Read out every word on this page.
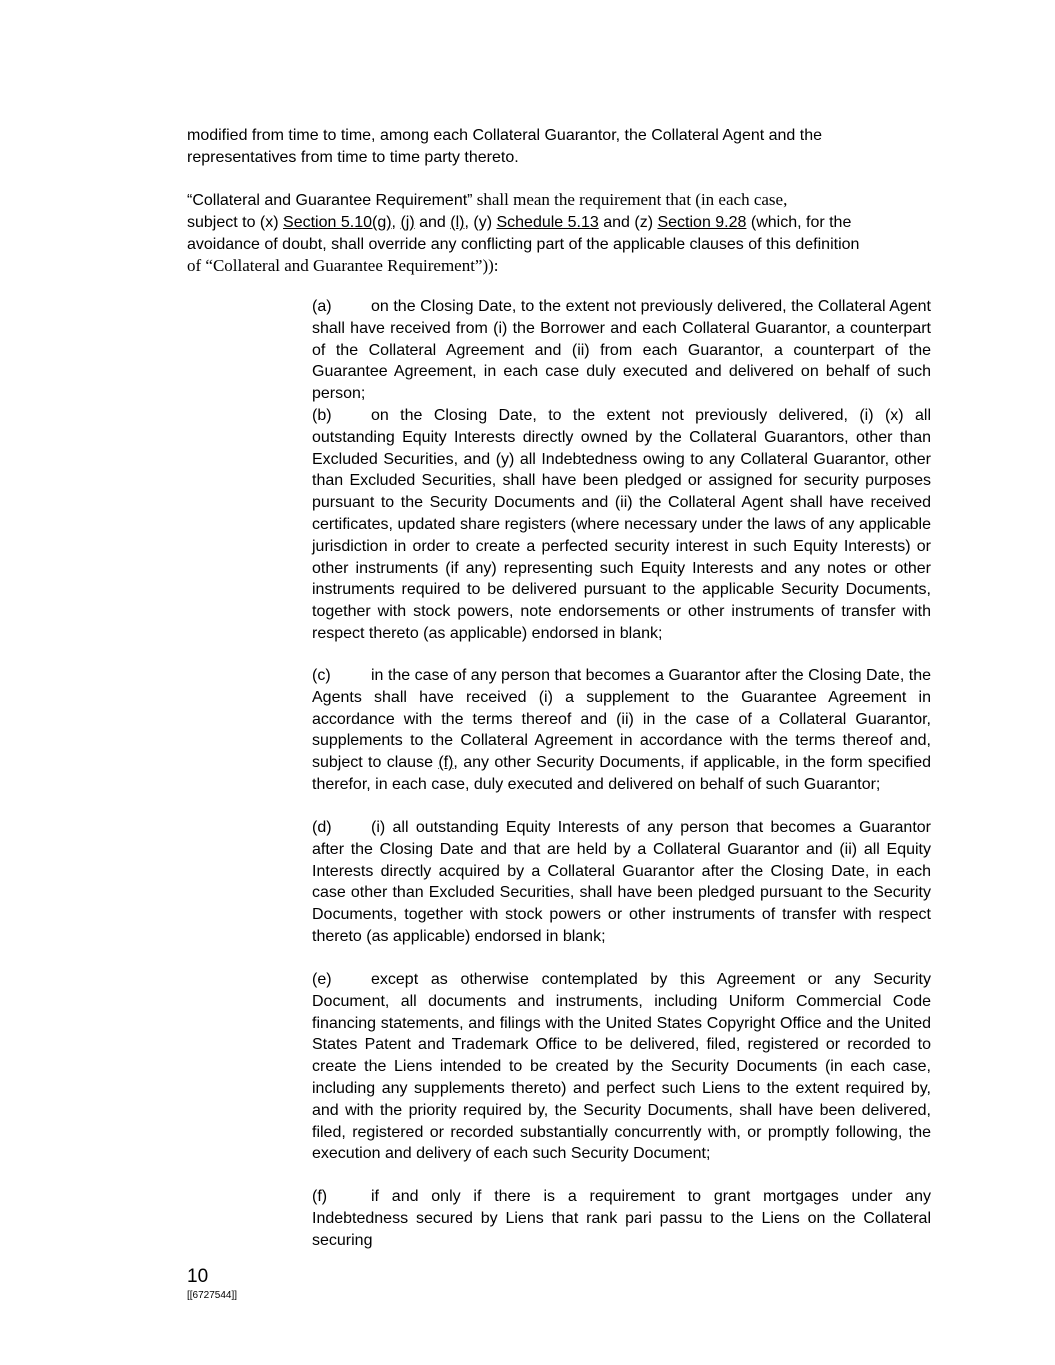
modified from time to time, among each Collateral Guarantor, the Collateral Agent and the representatives from time to time party thereto.

“Collateral and Guarantee Requirement” shall mean the requirement that (in each case,
subject to (x) Section 5.10(g), (j) and (l), (y) Schedule 5.13 and (z) Section 9.28 (which, for the avoidance of doubt, shall override any conflicting part of the applicable clauses of this definition
of “Collateral and Guarantee Requirement”)):

(a) on the Closing Date, to the extent not previously delivered, the Collateral Agent shall have received from (i) the Borrower and each Collateral Guarantor, a counterpart of the Collateral Agreement and (ii) from each Guarantor, a counterpart of the Guarantee Agreement, in each case duly executed and delivered on behalf of such person;
(b) on the Closing Date, to the extent not previously delivered, (i) (x) all outstanding Equity Interests directly owned by the Collateral Guarantors, other than Excluded Securities, and (y) all Indebtedness owing to any Collateral Guarantor, other than Excluded Securities, shall have been pledged or assigned for security purposes pursuant to the Security Documents and (ii) the Collateral Agent shall have received certificates, updated share registers (where necessary under the laws of any applicable jurisdiction in order to create a perfected security interest in such Equity Interests) or other instruments (if any) representing such Equity Interests and any notes or other instruments required to be delivered pursuant to the applicable Security Documents, together with stock powers, note endorsements or other instruments of transfer with respect thereto (as applicable) endorsed in blank;
(c)	in the case of any person that becomes a Guarantor after the Closing Date, the Agents shall have received (i) a supplement to the Guarantee Agreement in accordance with the terms thereof and (ii) in the case of a Collateral Guarantor, supplements to the Collateral Agreement in accordance with the terms thereof and, subject to clause (f), any other Security Documents, if applicable, in the form specified therefor, in each case, duly executed and delivered on behalf of such Guarantor;
(d) (i) all outstanding Equity Interests of any person that becomes a Guarantor after the Closing Date and that are held by a Collateral Guarantor and (ii) all Equity Interests directly acquired by a Collateral Guarantor after the Closing Date, in each case other than Excluded Securities, shall have been pledged pursuant to the Security Documents, together with stock powers or other instruments of transfer with respect thereto (as applicable) endorsed in blank;
(e) except as otherwise contemplated by this Agreement or any Security Document, all documents and instruments, including Uniform Commercial Code financing statements, and filings with the United States Copyright Office and the United States Patent and Trademark Office to be delivered, filed, registered or recorded to create the Liens intended to be created by the Security Documents (in each case, including any supplements thereto) and perfect such Liens to the extent required by, and with the priority required by, the Security Documents, shall have been delivered, filed, registered or recorded substantially concurrently with, or promptly following, the execution and delivery of each such Security Document;
(f)	if and only if there is a requirement to grant mortgages under any Indebtedness secured by Liens that rank pari passu to the Liens on the Collateral securing
10
[[6727544]]
